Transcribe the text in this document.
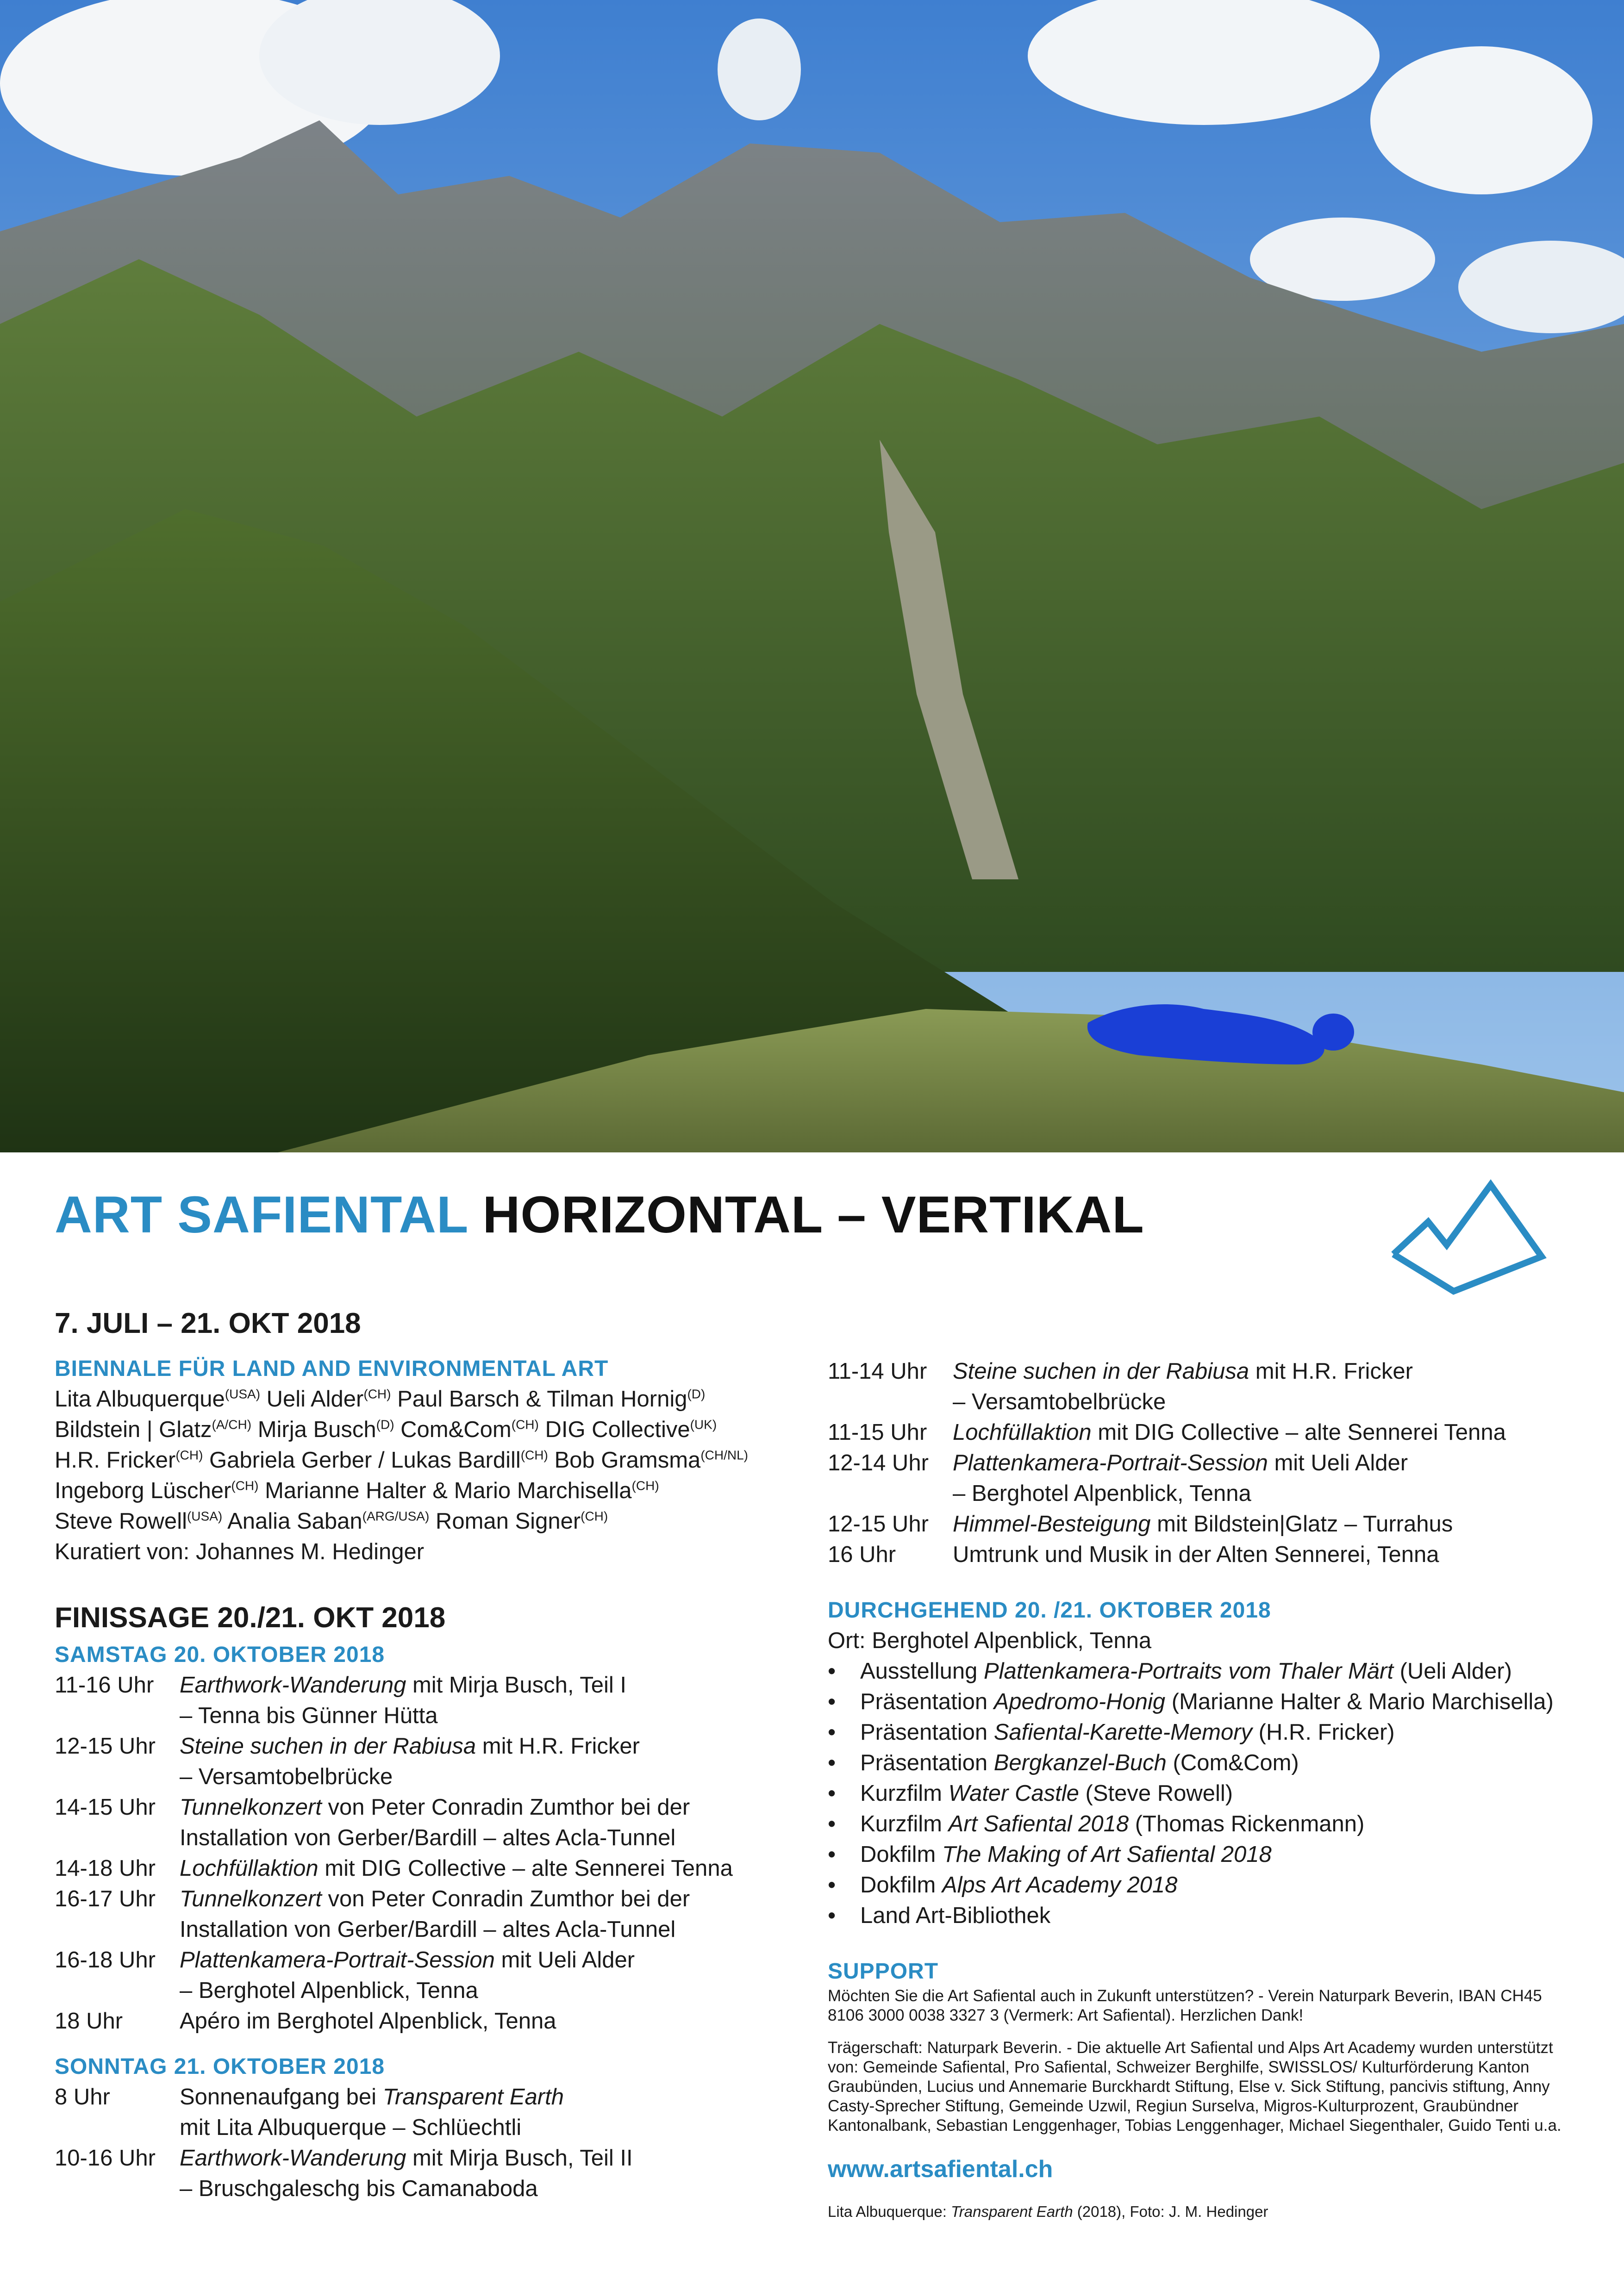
ART SAFIENTAL HORIZONTAL – VERTIKAL
7. JULI – 21. OKT 2018
BIENNALE FÜR LAND AND ENVIRONMENTAL ART

Lita Albuquerque$^{(USA)}$ Ueli Alder$^{(CH)}$ Paul Barsch & Tilman Hornig$^{(D)}$

Bildstein | Glatz$^{(A/CH)}$ Mirja Busch$^{(D)}$ Com&Com$^{(CH)}$ DIG Collective$^{(UK)}$

H.R. Fricker$^{(CH)}$ Gabriela Gerber / Lukas Bardill$^{(CH)}$ Bob Gramsma$^{(CH/NL)}$

Ingeborg Lüscher$^{(CH)}$ Marianne Halter & Mario Marchisella$^{(CH)}$

Steve Rowell$^{(USA)}$ Analia Saban$^{(ARG/USA)}$ Roman Signer$^{(CH)}$

Kuratiert von: Johannes M. Hedinger
FINISSAGE 20./21. OKT 2018
SAMSTAG 20. OKTOBER 2018
11-16 Uhr	Earthwork-Wanderung mit Mirja Busch, Teil I
– Tenna bis Günner Hütta
12-15 Uhr	Steine suchen in der Rabiusa mit H.R. Fricker
– Versamtobelbrücke
14-15 Uhr	Tunnelkonzert von Peter Conradin Zumthor bei der
Installation von Gerber/Bardill – altes Acla-Tunnel
14-18 Uhr	Lochfüllaktion mit DIG Collective – alte Sennerei Tenna
16-17 Uhr	Tunnelkonzert von Peter Conradin Zumthor bei der
Installation von Gerber/Bardill – altes Acla-Tunnel
16-18 Uhr	Plattenkamera-Portrait-Session mit Ueli Alder
– Berghotel Alpenblick, Tenna
18 Uhr	Apéro im Berghotel Alpenblick, Tenna
SONNTAG 21. OKTOBER 2018
8 Uhr	Sonnenaufgang bei Transparent Earth
mit Lita Albuquerque – Schlüechtli
10-16 Uhr	Earthwork-Wanderung mit Mirja Busch, Teil II
– Bruschgaleschg bis Camanaboda
11-14 Uhr	Steine suchen in der Rabiusa mit H.R. Fricker
– Versamtobelbrücke
11-15 Uhr	Lochfüllaktion mit DIG Collective – alte Sennerei Tenna
12-14 Uhr	Plattenkamera-Portrait-Session mit Ueli Alder
– Berghotel Alpenblick, Tenna
12-15 Uhr	Himmel-Besteigung mit Bildstein|Glatz – Turrahus
16 Uhr	Umtrunk und Musik in der Alten Sennerei, Tenna
DURCHGEHEND 20. /21. OKTOBER 2018
Ort: Berghotel Alpenblick, Tenna
• Ausstellung Plattenkamera-Portraits vom Thaler Märt (Ueli Alder)
• Präsentation Apedromo-Honig (Marianne Halter & Mario Marchisella)
• Präsentation Safiental-Karette-Memory (H.R. Fricker)
• Präsentation Bergkanzel-Buch (Com&Com)
• Kurzfilm Water Castle (Steve Rowell)
• Kurzfilm Art Safiental 2018 (Thomas Rickenmann)
• Dokfilm The Making of Art Safiental 2018
• Dokfilm Alps Art Academy 2018
• Land Art-Bibliothek
SUPPORT
Möchten Sie die Art Safiental auch in Zukunft unterstützen? - Verein Naturpark Beverin, IBAN CH45 8106 3000 0038 3327 3 (Vermerk: Art Safiental). Herzlichen Dank!
Trägerschaft: Naturpark Beverin. - Die aktuelle Art Safiental und Alps Art Academy wurden unterstützt von: Gemeinde Safiental, Pro Safiental, Schweizer Berghilfe, SWISSLOS/ Kulturförderung Kanton Graubünden, Lucius und Annemarie Burckhardt Stiftung, Else v. Sick Stiftung, pancivis stiftung, Anny Casty-Sprecher Stiftung, Gemeinde Uzwil, Regiun Surselva, Migros-Kulturprozent, Graubündner Kantonalbank, Sebastian Lenggenhager, Tobias Lenggenhager, Michael Siegenthaler, Guido Tenti u.a.
www.artsafiental.ch
Lita Albuquerque: Transparent Earth (2018), Foto: J. M. Hedinger
